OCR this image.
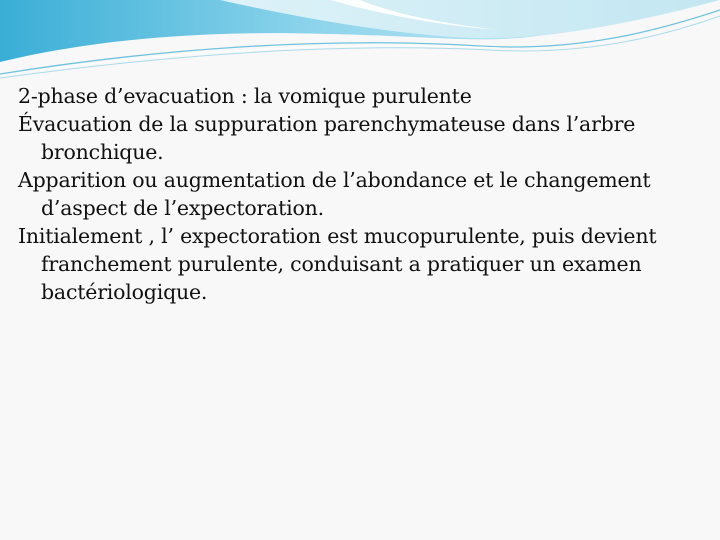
2-phase d’evacuation : la vomique purulente

Évacuation de la suppuration parenchymateuse dans l’arbre bronchique.

Apparition ou augmentation de l’abondance et le changement d’aspect de l’expectoration.

Initialement , l’ expectoration est mucopurulente, puis devient franchement purulente, conduisant a pratiquer un examen bactériologique.
